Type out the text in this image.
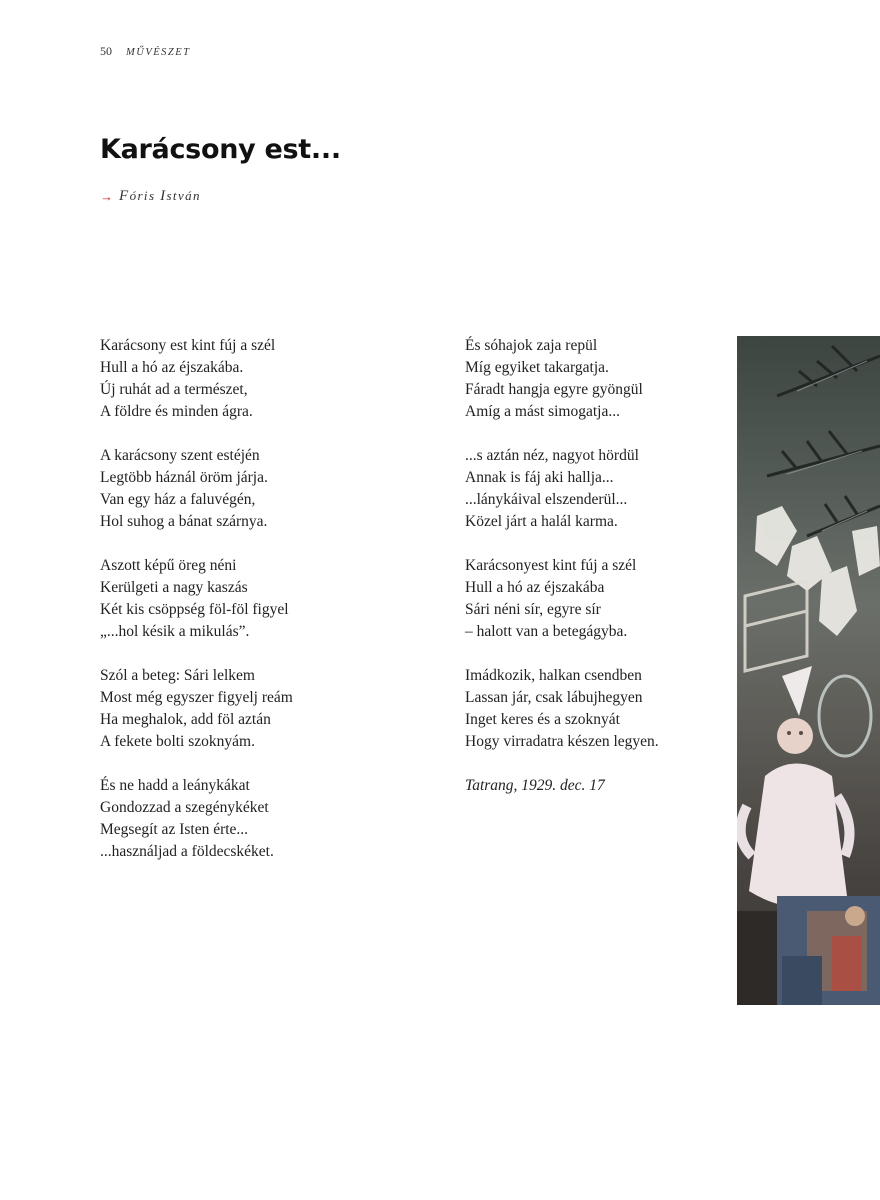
50 MŰVÉSZET
Karácsony est...
→ Fóris István
Karácsony est kint fúj a szél
Hull a hó az éjszakába.
Új ruhát ad a természet,
A földre és minden ágra.
A karácsony szent estéjén
Legtöbb háznál öröm járja.
Van egy ház a faluvégén,
Hol suhog a bánat szárnya.
Aszott képű öreg néni
Kerülgeti a nagy kaszás
Két kis csöppség föl-föl figyel
„...hol késik a mikulás”.
Szól a beteg: Sári lelkem
Most még egyszer figyelj reám
Ha meghalok, add föl aztán
A fekete bolti szoknyám.
És ne hadd a leánykákat
Gondozzad a szegénykéket
Megsegít az Isten érte...
...használjad a földecskéket.
És sóhajok zaja repül
Míg egyiket takargatja.
Fáradt hangja egyre gyöngül
Amíg a mást simogatja...
...s aztán néz, nagyot hördül
Annak is fáj aki hallja...
...lánykáival elszenderül...
Közel járt a halál karma.
Karácsonyest kint fúj a szél
Hull a hó az éjszakába
Sári néni sír, egyre sír
– halott van a betegágyba.
Imádkozik, halkan csendben
Lassan jár, csak lábujhegyen
Inget keres és a szoknyát
Hogy virradatra készen legyen.
Tatrang, 1929. dec. 17
